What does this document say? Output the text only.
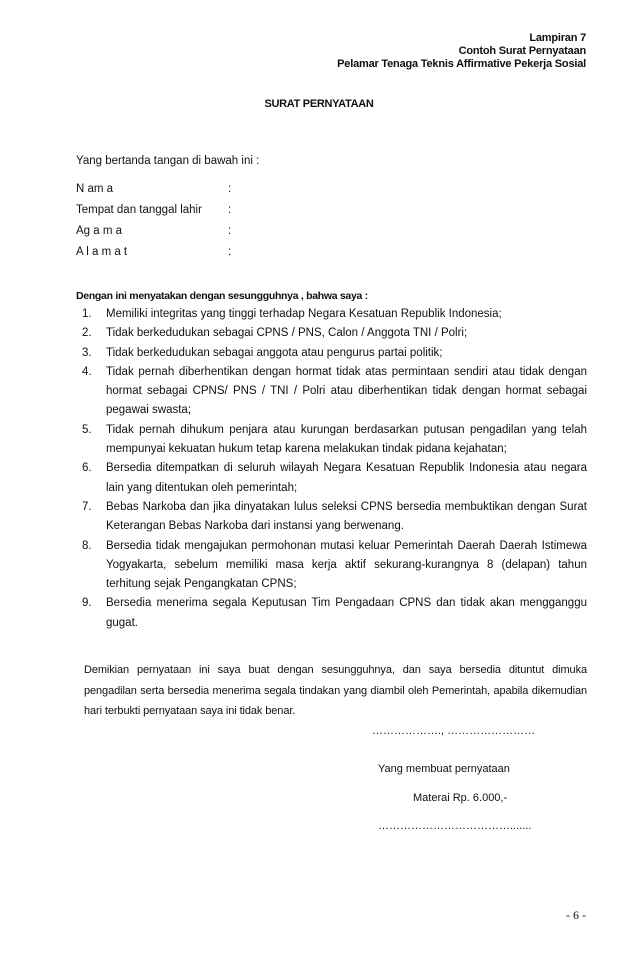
Lampiran 7
Contoh Surat Pernyataan
Pelamar Tenaga Teknis Affirmative Pekerja Sosial
SURAT PERNYATAAN
Yang bertanda tangan di bawah ini :
N am a	:
Tempat dan tanggal lahir :
Ag a m a	:
A l a m a t	:
Dengan ini menyatakan dengan sesungguhnya , bahwa saya :
1. Memiliki integritas yang tinggi terhadap Negara Kesatuan Republik Indonesia;
2. Tidak berkedudukan sebagai CPNS / PNS, Calon / Anggota TNI / Polri;
3. Tidak berkedudukan sebagai anggota atau pengurus partai politik;
4. Tidak pernah diberhentikan dengan hormat tidak atas permintaan sendiri atau tidak dengan hormat sebagai CPNS/ PNS / TNI / Polri atau diberhentikan tidak dengan hormat sebagai pegawai swasta;
5. Tidak pernah dihukum penjara atau kurungan berdasarkan putusan pengadilan yang telah mempunyai kekuatan hukum tetap karena melakukan tindak pidana kejahatan;
6. Bersedia ditempatkan di seluruh wilayah Negara Kesatuan Republik Indonesia atau negara lain yang ditentukan oleh pemerintah;
7. Bebas Narkoba dan jika dinyatakan lulus seleksi CPNS bersedia membuktikan dengan Surat Keterangan Bebas Narkoba dari instansi yang berwenang.
8. Bersedia tidak mengajukan permohonan mutasi keluar Pemerintah Daerah Daerah Istimewa Yogyakarta, sebelum memiliki masa kerja aktif sekurang-kurangnya 8 (delapan) tahun terhitung sejak Pengangkatan CPNS;
9. Bersedia menerima segala Keputusan Tim Pengadaan CPNS dan tidak akan mengganggu gugat.
Demikian pernyataan ini saya buat dengan sesungguhnya, dan saya bersedia dituntut dimuka pengadilan serta bersedia menerima segala tindakan yang diambil oleh Pemerintah, apabila dikemudian hari terbukti pernyataan saya ini tidak benar.
………………., ……………………
Yang membuat pernyataan
Materai Rp. 6.000,-
……………………………….......
- 6 -
